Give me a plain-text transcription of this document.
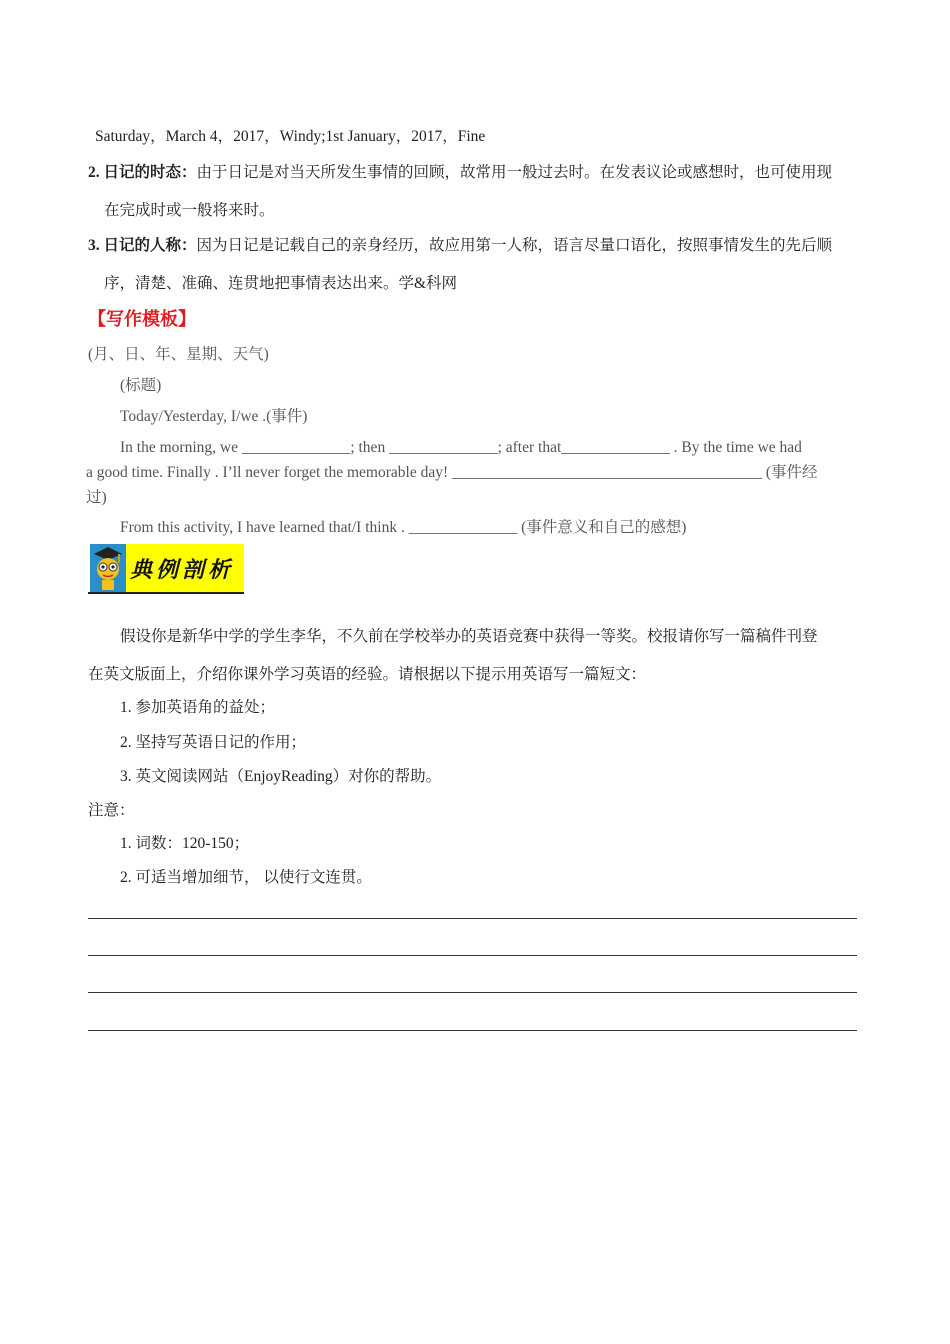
Saturday，March 4，2017，Windy;1st January，2017，Fine
2. 日记的时态：由于日记是对当天所发生事情的回顾，故常用一般过去时。在发表议论或感想时，也可使用现
在完成时或一般将来时。
3. 日记的人称：因为日记是记载自己的亲身经历，故应用第一人称，语言尽量口语化，按照事情发生的先后顺
序，清楚、准确、连贯地把事情表达出来。学&科网
【写作模板】
(月、日、年、星期、天气)
(标题)
Today/Yesterday, I/we .(事件)
In the morning, we ______________; then ______________; after that______________ . By the time we had
a good time. Finally . I’ll never forget the memorable day! ________________________________________ (事件经
过)
From this activity, I have learned that/I think . ______________ (事件意义和自己的感想)
典例剖析
假设你是新华中学的学生李华，不久前在学校举办的英语竞赛中获得一等奖。校报请你写一篇稿件刊登
在英文版面上，介绍你课外学习英语的经验。请根据以下提示用英语写一篇短文：
1. 参加英语角的益处；
2. 坚持写英语日记的作用；
3. 英文阅读网站（EnjoyReading）对你的帮助。
注意：
1. 词数：120-150；
2. 可适当增加细节， 以使行文连贯。
